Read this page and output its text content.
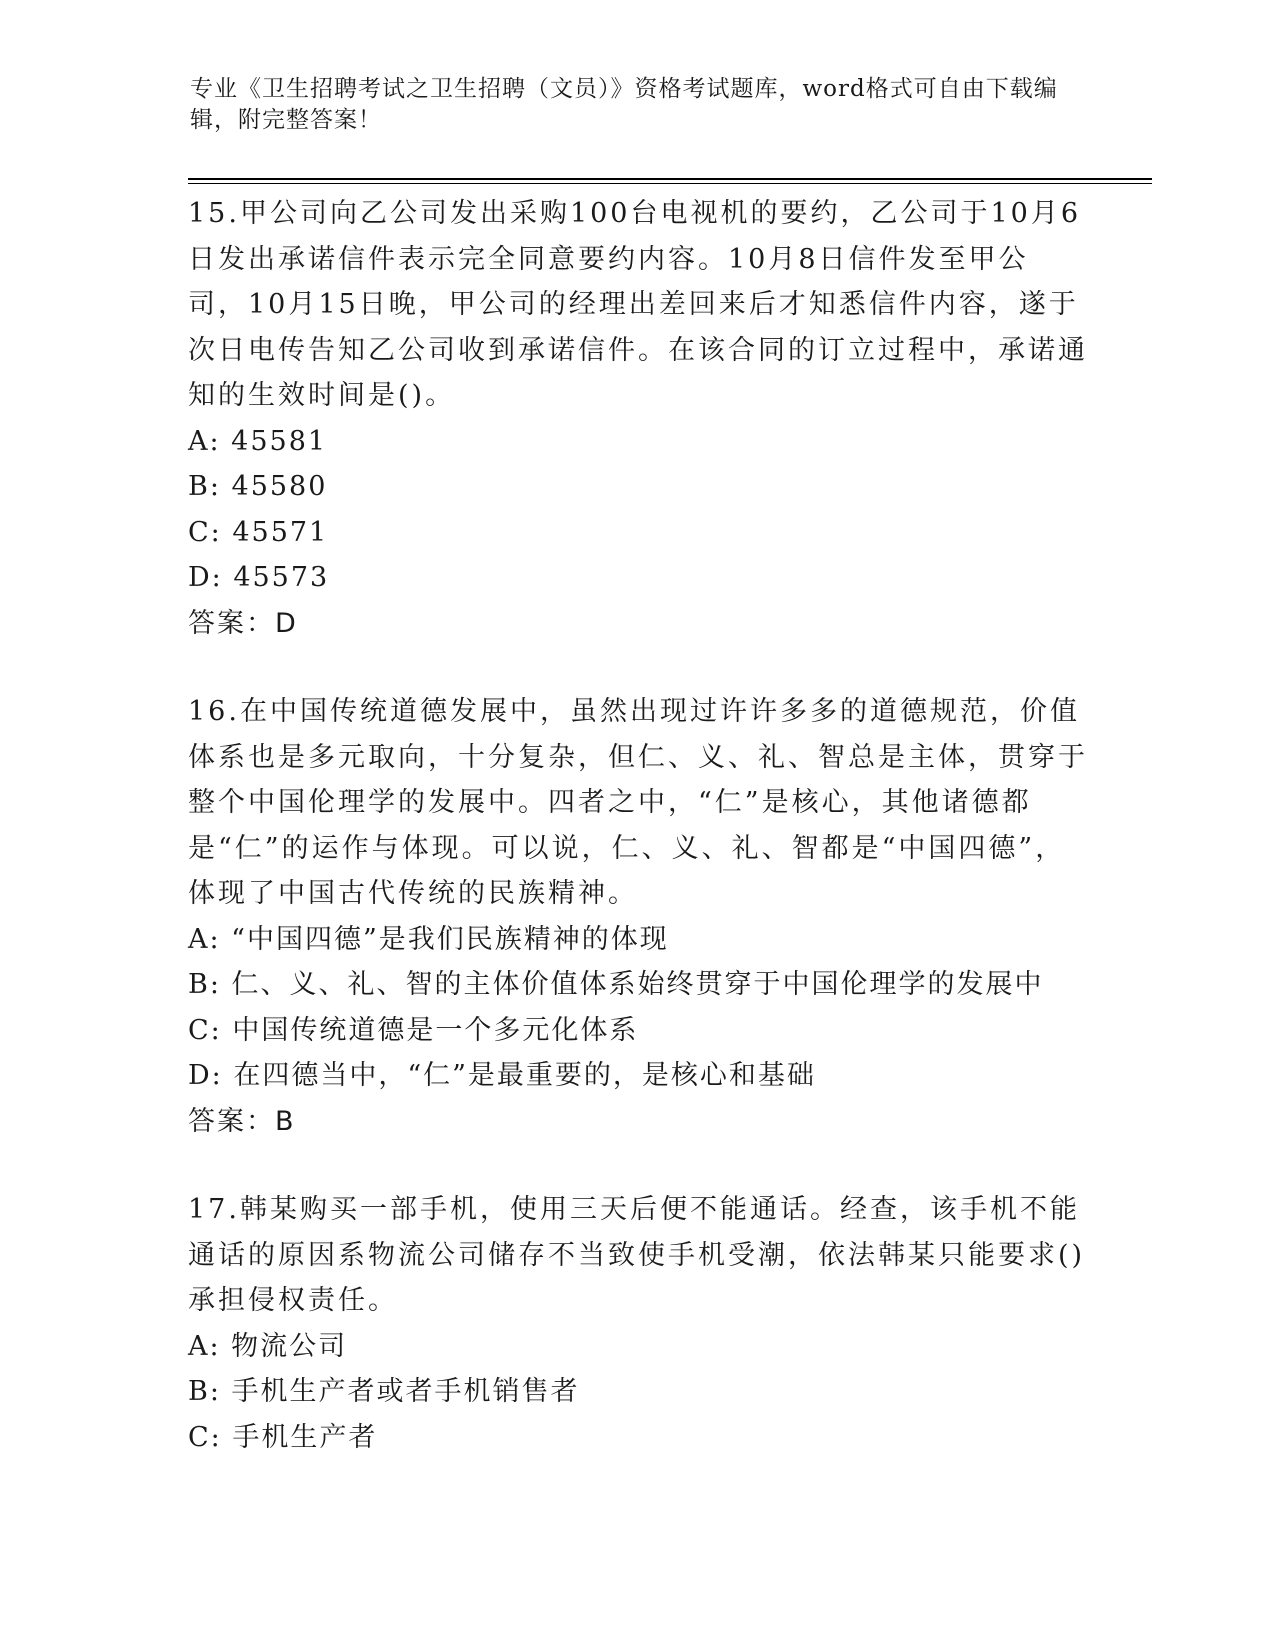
专业《卫生招聘考试之卫生招聘（文员）》资格考试题库，word格式可自由下载编辑，附完整答案！

15.甲公司向乙公司发出采购100台电视机的要约，乙公司于10月6日发出承诺信件表示完全同意要约内容。10月8日信件发至甲公司，10月15日晚，甲公司的经理出差回来后才知悉信件内容，遂于次日电传告知乙公司收到承诺信件。在该合同的订立过程中，承诺通知的生效时间是()。

A: 45581

B: 45580

C: 45571

D: 45573

答案：D

16.在中国传统道德发展中，虽然出现过许许多多的道德规范，价值体系也是多元取向，十分复杂，但仁、义、礼、智总是主体，贯穿于整个中国伦理学的发展中。四者之中，“仁”是核心，其他诸德都是“仁”的运作与体现。可以说，仁、义、礼、智都是“中国四德”，体现了中国古代传统的民族精神。

A: “中国四德”是我们民族精神的体现

B: 仁、义、礼、智的主体价值体系始终贯穿于中国伦理学的发展中

C: 中国传统道德是一个多元化体系

D: 在四德当中，“仁”是最重要的，是核心和基础

答案：B

17.韩某购买一部手机，使用三天后便不能通话。经查，该手机不能通话的原因系物流公司储存不当致使手机受潮，依法韩某只能要求()承担侵权责任。

A: 物流公司

B: 手机生产者或者手机销售者

C: 手机生产者
